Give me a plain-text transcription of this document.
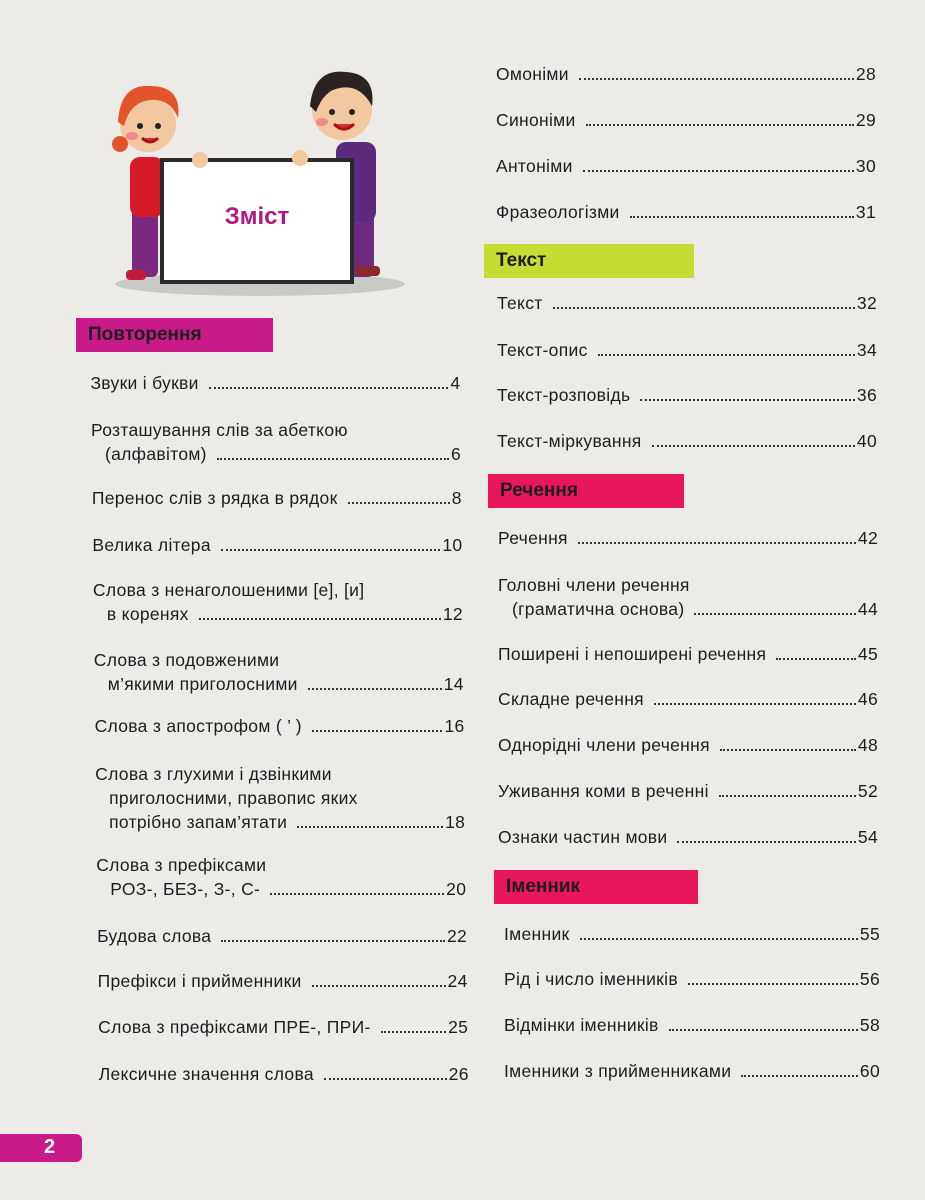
Зміст
Повторення
Звуки і букви	4
Розташування слів за абеткою
(алфавітом)	6
Перенос слів з рядка в рядок	8
Велика літера	10
Слова з ненаголошеними [е], [и]
в коренях	12
Слова з подовженими
м’якими приголосними	14
Слова з апострофом ( ’ )	16
Слова з глухими і дзвінкими
приголосними, правопис яких
потрібно запам’ятати	18
Слова з префіксами
РОЗ-, БЕЗ-, З-, С-	20
Будова слова	22
Префікси і прийменники	24
Слова з префіксами ПРЕ-, ПРИ-	25
Лексичне значення слова	26
Омоніми	28
Синоніми	29
Антоніми	30
Фразеологізми	31
Текст
Текст	32
Текст-опис	34
Текст-розповідь	36
Текст-міркування	40
Речення
Речення	42
Головні члени речення
(граматична основа)	44
Поширені і непоширені речення	45
Складне речення	46
Однорідні члени речення	48
Уживання коми в реченні	52
Ознаки частин мови	54
Іменник
Іменник	55
Рід і число іменників	56
Відмінки іменників	58
Іменники з прийменниками	60
2
